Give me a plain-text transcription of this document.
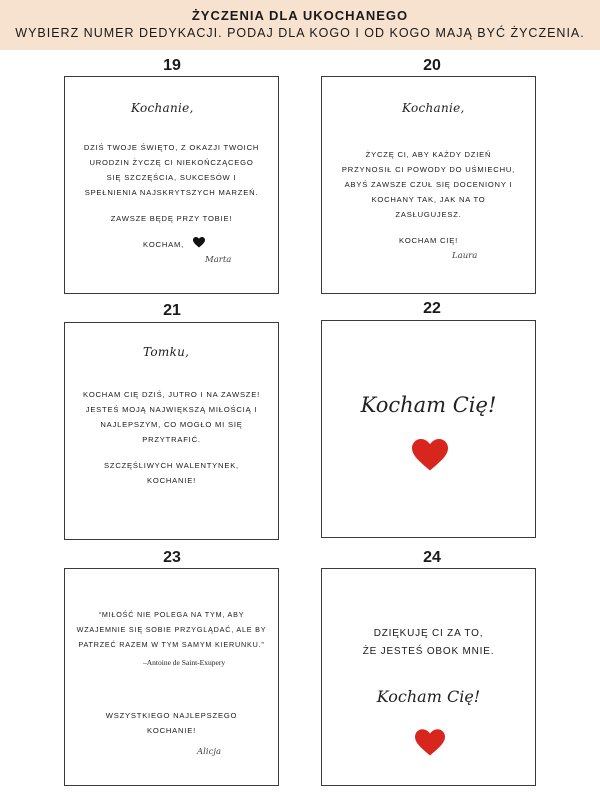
ŻYCZENIA DLA UKOCHANEGO
WYBIERZ NUMER DEDYKACJI. PODAJ DLA KOGO I OD KOGO MAJĄ BYĆ ŻYCZENIA.
19	20
21	22
23	24
Kochanie,
DZIŚ TWOJE ŚWIĘTO, Z OKAZJI TWOICH
URODZIN ŻYCZĘ CI NIEKOŃCZĄCEGO
SIĘ SZCZĘŚCIA, SUKCESÓW I
SPEŁNIENIA NAJSKRYTSZYCH MARZEŃ.
ZAWSZE BĘDĘ PRZY TOBIE!
KOCHAM,
Marta
Kochanie,
ŻYCZĘ CI, ABY KAŻDY DZIEŃ
PRZYNOSIŁ CI POWODY DO UŚMIECHU,
ABYŚ ZAWSZE CZUŁ SIĘ DOCENIONY I
KOCHANY TAK, JAK NA TO
ZASŁUGUJESZ.
KOCHAM CIĘ!
Laura
Tomku,
KOCHAM CIĘ DZIŚ, JUTRO I NA ZAWSZE!
JESTEŚ MOJĄ NAJWIĘKSZĄ MIŁOŚCIĄ I
NAJLEPSZYM, CO MOGŁO MI SIĘ
PRZYTRAFIĆ.
SZCZĘŚLIWYCH WALENTYNEK,
KOCHANIE!
Kocham Cię!
“MIŁOŚĆ NIE POLEGA NA TYM, ABY
WZAJEMNIE SIĘ SOBIE PRZYGLĄDAĆ, ALE BY
PATRZEĆ RAZEM W TYM SAMYM KIERUNKU.”
–Antoine de Saint-Exupery
WSZYSTKIEGO NAJLEPSZEGO
KOCHANIE!
Alicja
DZIĘKUJĘ CI ZA TO,
ŻE JESTEŚ OBOK MNIE.
Kocham Cię!
